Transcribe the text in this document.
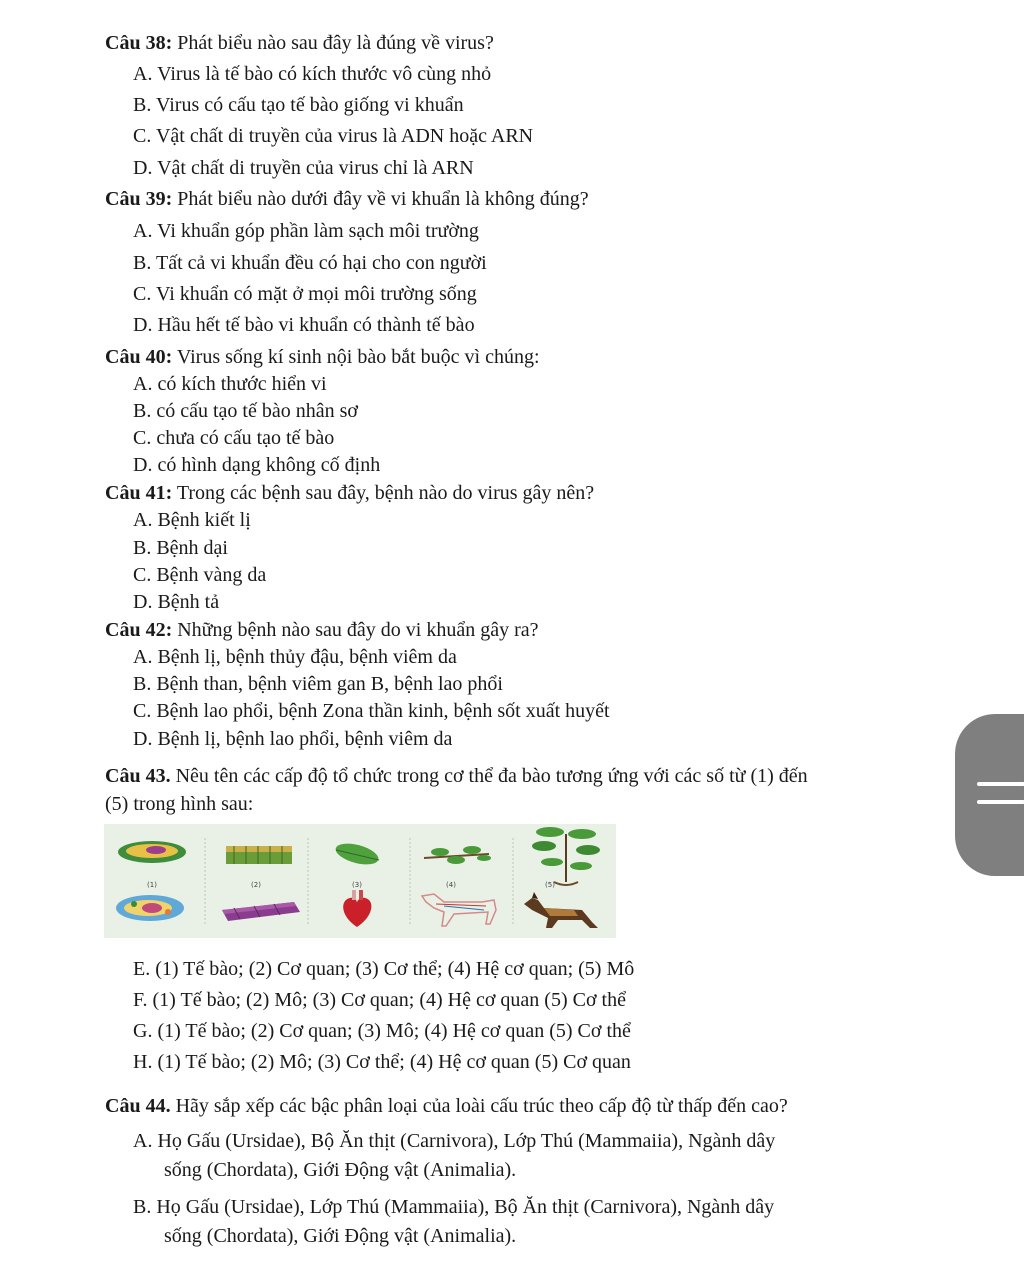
Câu 38: Phát biểu nào sau đây là đúng về virus?
A. Virus là tế bào có kích thước vô cùng nhỏ
B. Virus có cấu tạo tế bào giống vi khuẩn
C. Vật chất di truyền của virus là ADN hoặc ARN
D. Vật chất di truyền của virus chỉ là ARN
Câu 39: Phát biểu nào dưới đây về vi khuẩn là không đúng?
A. Vi khuẩn góp phần làm sạch môi trường
B. Tất cả vi khuẩn đều có hại cho con người
C. Vi khuẩn có mặt ở mọi môi trường sống
D. Hầu hết tế bào vi khuẩn có thành tế bào
Câu 40: Virus sống kí sinh nội bào bắt buộc vì chúng:
A. có kích thước hiển vi
B. có cấu tạo tế bào nhân sơ
C. chưa có cấu tạo tế bào
D. có hình dạng không cố định
Câu 41: Trong các bệnh sau đây, bệnh nào do virus gây nên?
A. Bệnh kiết lị
B. Bệnh dại
C. Bệnh vàng da
D. Bệnh tả
Câu 42: Những bệnh nào sau đây do vi khuẩn gây ra?
A. Bệnh lị, bệnh thủy đậu, bệnh viêm da
B. Bệnh than, bệnh viêm gan B, bệnh lao phổi
C. Bệnh lao phổi, bệnh Zona thần kinh, bệnh sốt xuất huyết
D. Bệnh lị, bệnh lao phổi, bệnh viêm da
Câu 43. Nêu tên các cấp độ tổ chức trong cơ thể đa bào tương ứng với các số từ (1) đến
(5) trong hình sau:
(1)	(2)	(3)	(4)	(5)
E. (1) Tế bào; (2) Cơ quan; (3) Cơ thể; (4) Hệ cơ quan; (5) Mô
F. (1) Tế bào; (2) Mô; (3) Cơ quan; (4) Hệ cơ quan (5) Cơ thể
G. (1) Tế bào; (2) Cơ quan; (3) Mô; (4) Hệ cơ quan (5) Cơ thể
H. (1) Tế bào; (2) Mô; (3) Cơ thể; (4) Hệ cơ quan (5) Cơ quan
Câu 44. Hãy sắp xếp các bậc phân loại của loài cấu trúc theo cấp độ từ thấp đến cao?
A. Họ Gấu (Ursidae), Bộ Ăn thịt (Carnivora), Lớp Thú (Mammaiia), Ngành dây
sống (Chordata), Giới Động vật (Animalia).
B. Họ Gấu (Ursidae), Lớp Thú (Mammaiia), Bộ Ăn thịt (Carnivora), Ngành dây
sống (Chordata), Giới Động vật (Animalia).
